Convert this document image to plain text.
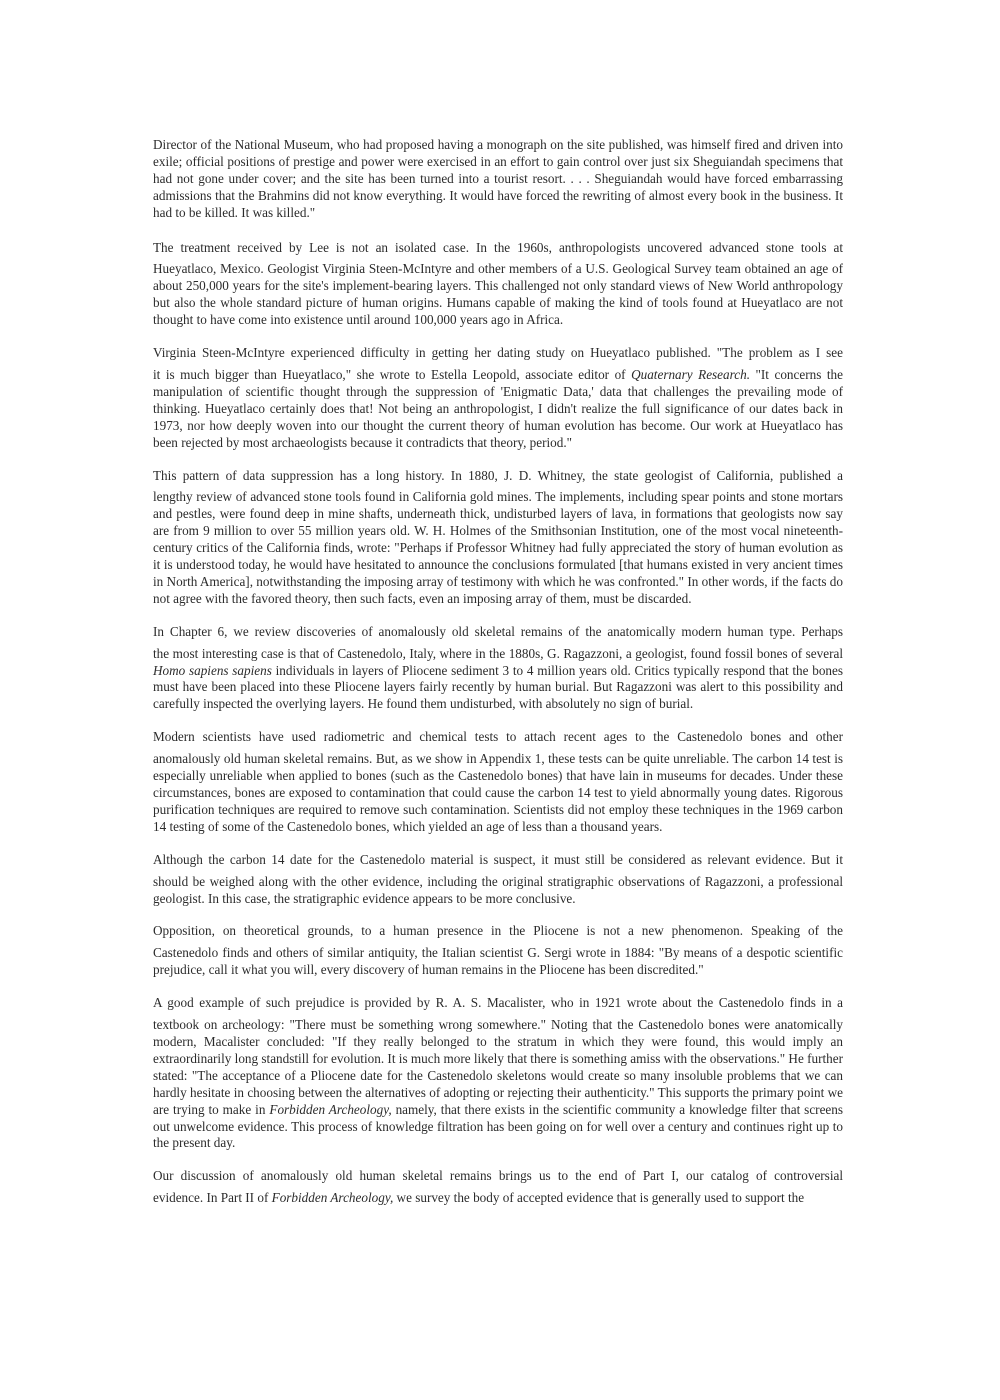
Director of the National Museum, who had proposed having a monograph on the site published, was himself fired and driven into exile; official positions of prestige and power were exercised in an effort to gain control over just six Sheguiandah specimens that had not gone under cover; and the site has been turned into a tourist resort. . . . Sheguiandah would have forced embarrassing admissions that the Brahmins did not know everything. It would have forced the rewriting of almost every book in the business. It had to be killed. It was killed."

The treatment received by Lee is not an isolated case. In the 1960s, anthropologists uncovered advanced stone tools at
Hueyatlaco, Mexico. Geologist Virginia Steen-McIntyre and other members of a U.S. Geological Survey team obtained an age of about 250,000 years for the site's implement-bearing layers. This challenged not only standard views of New World anthropology but also the whole standard picture of human origins. Humans capable of making the kind of tools found at Hueyatlaco are not thought to have come into existence until around 100,000 years ago in Africa.

Virginia Steen-McIntyre experienced difficulty in getting her dating study on Hueyatlaco published. "The problem as I see
it is much bigger than Hueyatlaco," she wrote to Estella Leopold, associate editor of Quaternary Research. "It concerns the manipulation of scientific thought through the suppression of 'Enigmatic Data,' data that challenges the prevailing mode of thinking. Hueyatlaco certainly does that! Not being an anthropologist, I didn't realize the full significance of our dates back in 1973, nor how deeply woven into our thought the current theory of human evolution has become. Our work at Hueyatlaco has been rejected by most archaeologists because it contradicts that theory, period."

This pattern of data suppression has a long history. In 1880, J. D. Whitney, the state geologist of California, published a
lengthy review of advanced stone tools found in California gold mines. The implements, including spear points and stone mortars and pestles, were found deep in mine shafts, underneath thick, undisturbed layers of lava, in formations that geologists now say are from 9 million to over 55 million years old. W. H. Holmes of the Smithsonian Institution, one of the most vocal nineteenth-century critics of the California finds, wrote: "Perhaps if Professor Whitney had fully appreciated the story of human evolution as it is understood today, he would have hesitated to announce the conclusions formulated [that humans existed in very ancient times in North America], notwithstanding the imposing array of testimony with which he was confronted." In other words, if the facts do not agree with the favored theory, then such facts, even an imposing array of them, must be discarded.

In Chapter 6, we review discoveries of anomalously old skeletal remains of the anatomically modern human type. Perhaps
the most interesting case is that of Castenedolo, Italy, where in the 1880s, G. Ragazzoni, a geologist, found fossil bones of several Homo sapiens sapiens individuals in layers of Pliocene sediment 3 to 4 million years old. Critics typically respond that the bones must have been placed into these Pliocene layers fairly recently by human burial. But Ragazzoni was alert to this possibility and carefully inspected the overlying layers. He found them undisturbed, with absolutely no sign of burial.

Modern scientists have used radiometric and chemical tests to attach recent ages to the Castenedolo bones and other
anomalously old human skeletal remains. But, as we show in Appendix 1, these tests can be quite unreliable. The carbon 14 test is especially unreliable when applied to bones (such as the Castenedolo bones) that have lain in museums for decades. Under these circumstances, bones are exposed to contamination that could cause the carbon 14 test to yield abnormally young dates. Rigorous purification techniques are required to remove such contamination. Scientists did not employ these techniques in the 1969 carbon 14 testing of some of the Castenedolo bones, which yielded an age of less than a thousand years.

Although the carbon 14 date for the Castenedolo material is suspect, it must still be considered as relevant evidence. But it
should be weighed along with the other evidence, including the original stratigraphic observations of Ragazzoni, a professional geologist. In this case, the stratigraphic evidence appears to be more conclusive.

Opposition, on theoretical grounds, to a human presence in the Pliocene is not a new phenomenon. Speaking of the
Castenedolo finds and others of similar antiquity, the Italian scientist G. Sergi wrote in 1884: "By means of a despotic scientific prejudice, call it what you will, every discovery of human remains in the Pliocene has been discredited."

A good example of such prejudice is provided by R. A. S. Macalister, who in 1921 wrote about the Castenedolo finds in a
textbook on archeology: "There must be something wrong somewhere." Noting that the Castenedolo bones were anatomically modern, Macalister concluded: "If they really belonged to the stratum in which they were found, this would imply an extraordinarily long standstill for evolution. It is much more likely that there is something amiss with the observations." He further stated: "The acceptance of a Pliocene date for the Castenedolo skeletons would create so many insoluble problems that we can hardly hesitate in choosing between the alternatives of adopting or rejecting their authenticity." This supports the primary point we are trying to make in Forbidden Archeology, namely, that there exists in the scientific community a knowledge filter that screens out unwelcome evidence. This process of knowledge filtration has been going on for well over a century and continues right up to the present day.

Our discussion of anomalously old human skeletal remains brings us to the end of Part I, our catalog of controversial
evidence. In Part II of Forbidden Archeology, we survey the body of accepted evidence that is generally used to support the
